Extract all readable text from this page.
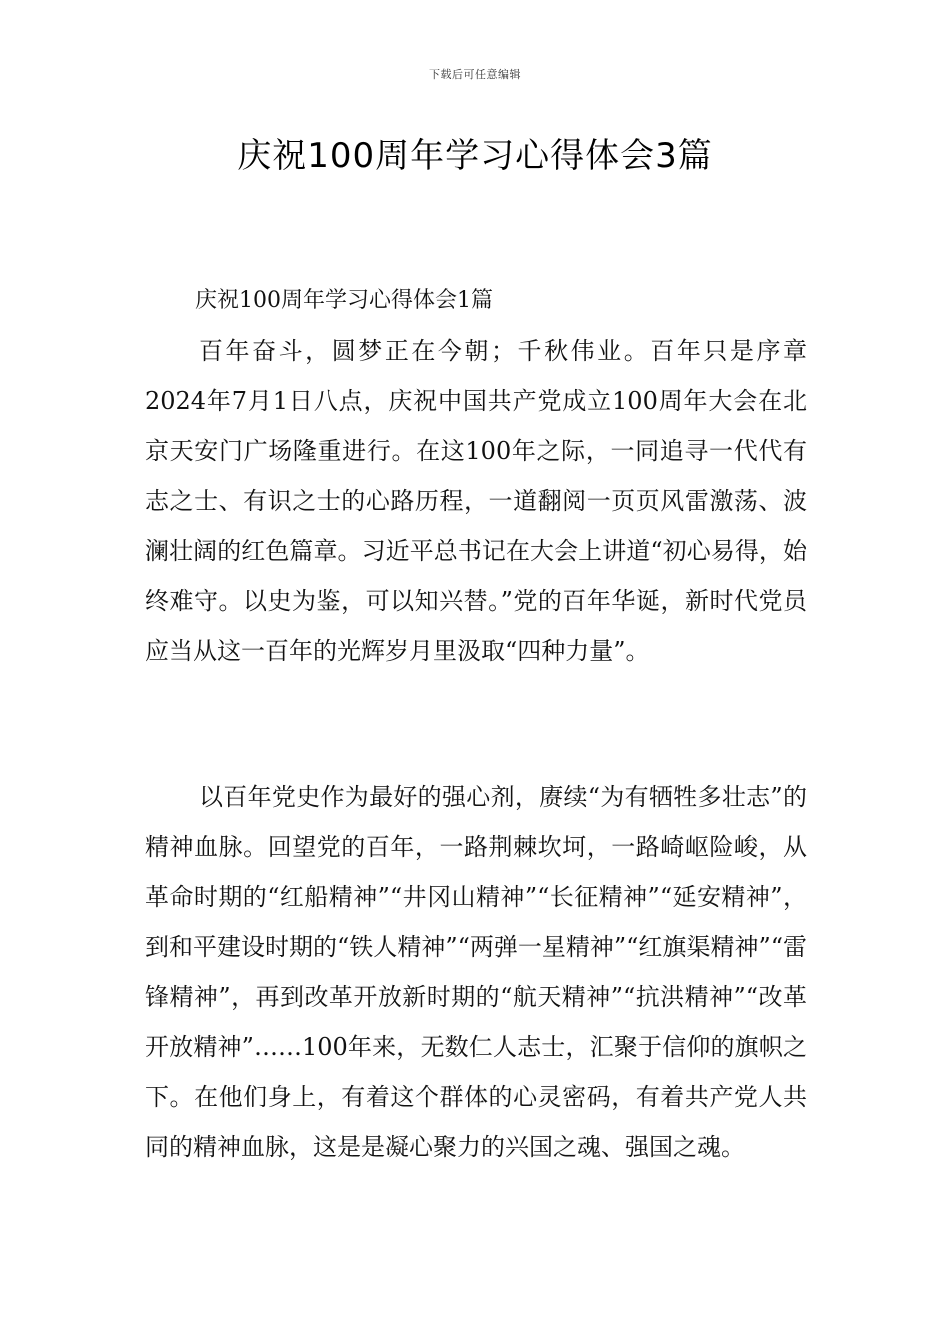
下载后可任意编辑
庆祝100周年学习心得体会3篇

庆祝100周年学习心得体会1篇

百年奋斗，圆梦正在今朝；千秋伟业。百年只是序章2024年7月1日八点，庆祝中国共产党成立100周年大会在北京天安门广场隆重进行。在这100年之际，一同追寻一代代有志之士、有识之士的心路历程，一道翻阅一页页风雷激荡、波澜壮阔的红色篇章。习近平总书记在大会上讲道“初心易得，始终难守。以史为鉴，可以知兴替。”党的百年华诞，新时代党员应当从这一百年的光辉岁月里汲取“四种力量”。

以百年党史作为最好的强心剂，赓续“为有牺牲多壮志”的精神血脉。回望党的百年，一路荆棘坎坷，一路崎岖险峻，从革命时期的“红船精神”“井冈山精神”“长征精神”“延安精神”，到和平建设时期的“铁人精神”“两弹一星精神”“红旗渠精神”“雷锋精神”，再到改革开放新时期的“航天精神”“抗洪精神”“改革开放精神”……100年来，无数仁人志士，汇聚于信仰的旗帜之下。在他们身上，有着这个群体的心灵密码，有着共产党人共同的精神血脉，这是是凝心聚力的兴国之魂、强国之魂。
